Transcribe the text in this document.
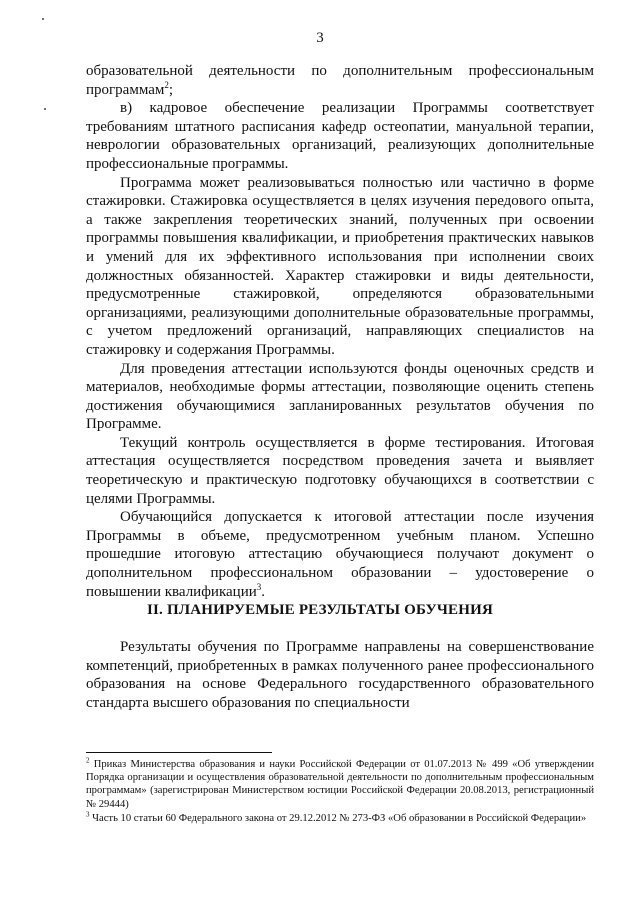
3

образовательной деятельности по дополнительным профессиональным программам$^2$;

в) кадровое обеспечение реализации Программы соответствует требованиям штатного расписания кафедр остеопатии, мануальной терапии, неврологии образовательных организаций, реализующих дополнительные профессиональные программы.

Программа может реализовываться полностью или частично в форме стажировки. Стажировка осуществляется в целях изучения передового опыта, а также закрепления теоретических знаний, полученных при освоении программы повышения квалификации, и приобретения практических навыков и умений для их эффективного использования при исполнении своих должностных обязанностей. Характер стажировки и виды деятельности, предусмотренные стажировкой, определяются образовательными организациями, реализующими дополнительные образовательные программы, с учетом предложений организаций, направляющих специалистов на стажировку и содержания Программы.

Для проведения аттестации используются фонды оценочных средств и материалов, необходимые формы аттестации, позволяющие оценить степень достижения обучающимися запланированных результатов обучения по Программе.

Текущий контроль осуществляется в форме тестирования. Итоговая аттестация осуществляется посредством проведения зачета и выявляет теоретическую и практическую подготовку обучающихся в соответствии с целями Программы.

Обучающийся допускается к итоговой аттестации после изучения Программы в объеме, предусмотренном учебным планом. Успешно прошедшие итоговую аттестацию обучающиеся получают документ о дополнительном профессиональном образовании – удостоверение о повышении квалификации$^3$.

II. ПЛАНИРУЕМЫЕ РЕЗУЛЬТАТЫ ОБУЧЕНИЯ

Результаты обучения по Программе направлены на совершенствование компетенций, приобретенных в рамках полученного ранее профессионального образования на основе Федерального государственного образовательного стандарта высшего образования по специальности

$^2$ Приказ Министерства образования и науки Российской Федерации от 01.07.2013 № 499 «Об утверждении Порядка организации и осуществления образовательной деятельности по дополнительным профессиональным программам» (зарегистрирован Министерством юстиции Российской Федерации 20.08.2013, регистрационный № 29444)

$^3$ Часть 10 статьи 60 Федерального закона от 29.12.2012 № 273-ФЗ «Об образовании в Российской Федерации»
